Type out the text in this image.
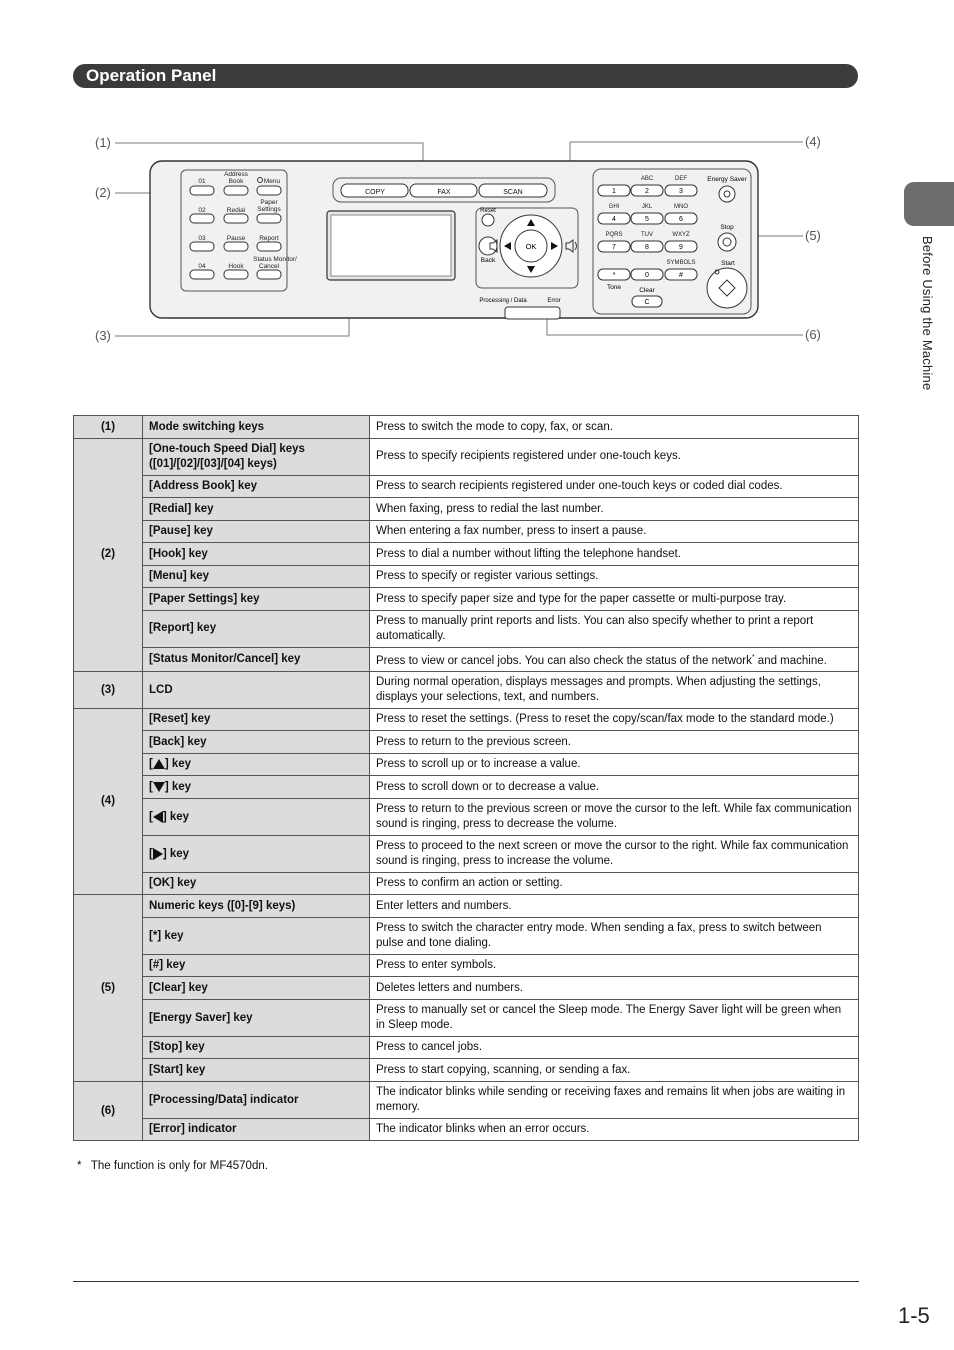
Operation Panel
Before Using the Machine
(1)
(2)
(3)
(4)
(5)
(6)
01
02
03
04
Address
Book	Menu
Paper
Settings
Redial
Pause Report
Hook
Status Monitor/
Cancel
COPY	FAX	SCAN
Reset
Back
OK
Processing / Data	Error
ABC	DEF
GHI	JKL	MNO
PQRS	TUV	WXYZ
SYMBOLS
1	2	3
4	5	6
7	8	9
*	0	#
Tone	Clear
C
Energy Saver
Stop
Start
(1)	Mode switching keys	Press to switch the mode to copy, fax, or scan.
(2)	[One-touch Speed Dial] keys ([01]/[02]/[03]/[04] keys)	Press to specify recipients registered under one-touch keys.
	[Address Book] key	Press to search recipients registered under one-touch keys or coded dial codes.
	[Redial] key	When faxing, press to redial the last number.
	[Pause] key	When entering a fax number, press to insert a pause.
	[Hook] key	Press to dial a number without lifting the telephone handset.
	[Menu] key	Press to specify or register various settings.
	[Paper Settings] key	Press to specify paper size and type for the paper cassette or multi-purpose tray.
	[Report] key	Press to manually print reports and lists. You can also specify whether to print a report automatically.
	[Status Monitor/Cancel] key	Press to view or cancel jobs. You can also check the status of the network* and machine.
(3)	LCD	During normal operation, displays messages and prompts. When adjusting the settings, displays your selections, text, and numbers.
(4)	[Reset] key	Press to reset the settings. (Press to reset the copy/scan/fax mode to the standard mode.)
	[Back] key	Press to return to the previous screen.
	[ ] key	Press to scroll up or to increase a value.
	[ ] key	Press to scroll down or to decrease a value.
	[ ] key	Press to return to the previous screen or move the cursor to the left. While fax communication sound is ringing, press to decrease the volume.
	[ ] key	Press to proceed to the next screen or move the cursor to the right. While fax communication sound is ringing, press to increase the volume.
	[OK] key	Press to confirm an action or setting.
(5)	Numeric keys ([0]-[9] keys)	Enter letters and numbers.
	[*] key	Press to switch the character entry mode. When sending a fax, press to switch between pulse and tone dialing.
	[#] key	Press to enter symbols.
	[Clear] key	Deletes letters and numbers.
	[Energy Saver] key	Press to manually set or cancel the Sleep mode. The Energy Saver light will be green when in Sleep mode.
	[Stop] key	Press to cancel jobs.
	[Start] key	Press to start copying, scanning, or sending a fax.
(6)	[Processing/Data] indicator	The indicator blinks while sending or receiving faxes and remains lit when jobs are waiting in memory.
	[Error] indicator	The indicator blinks when an error occurs.
* The function is only for MF4570dn.
1-5
